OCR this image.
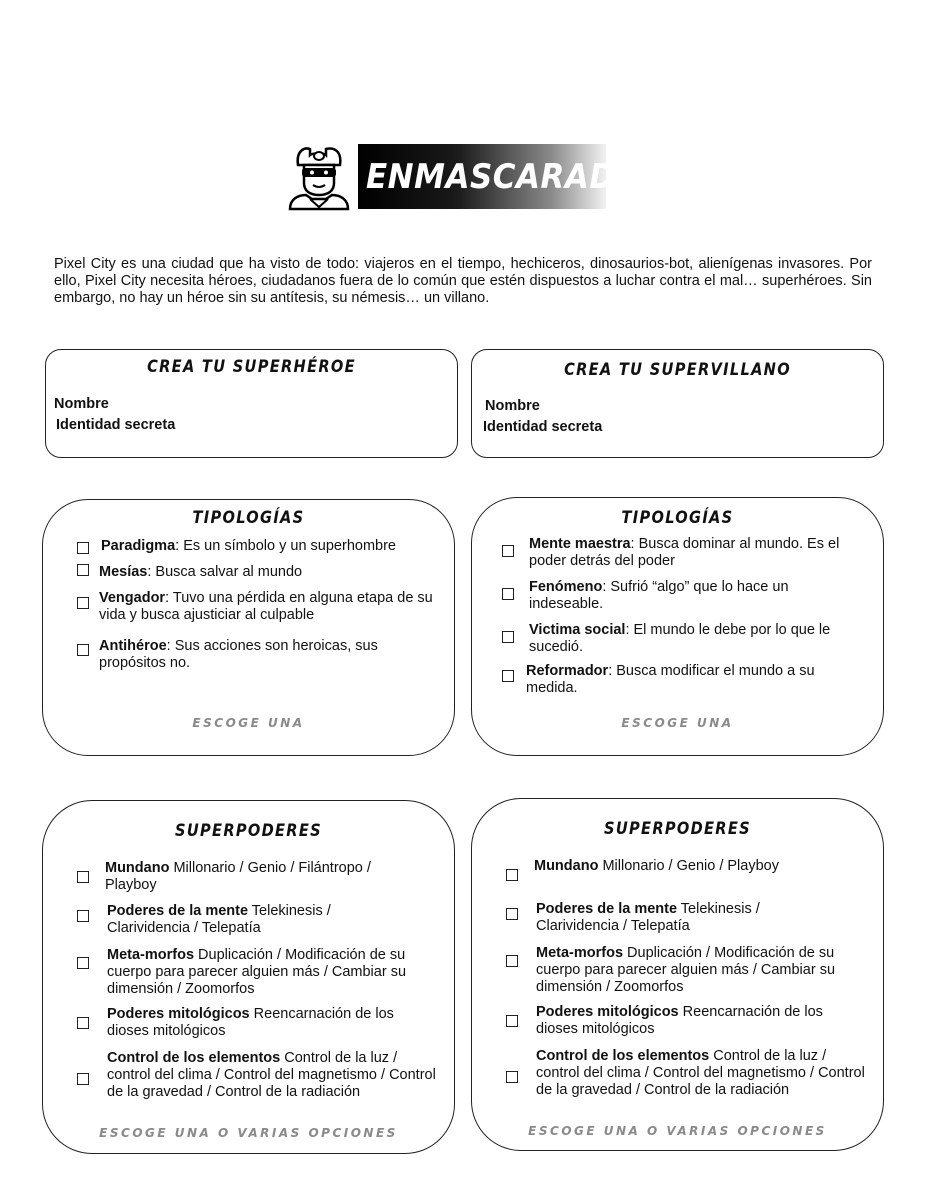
ENMASCARADOS
Pixel City es una ciudad que ha visto de todo: viajeros en el tiempo, hechiceros, dinosaurios-bot, alienígenas invasores. Por ello, Pixel City necesita héroes, ciudadanos fuera de lo común que estén dispuestos a luchar contra el mal… superhéroes. Sin embargo, no hay un héroe sin su antítesis, su némesis… un villano.
CREA TU SUPERHÉROE
Nombre
Identidad secreta
CREA TU SUPERVILLANO
Nombre
Identidad secreta
TIPOLOGÍAS
Paradigma: Es un símbolo y un superhombre
Mesías: Busca salvar al mundo
Vengador: Tuvo una pérdida en alguna etapa de su vida y busca ajusticiar al culpable
Antihéroe: Sus acciones son heroicas, sus propósitos no.
ESCOGE UNA
TIPOLOGÍAS
Mente maestra: Busca dominar al mundo. Es el poder detrás del poder
Fenómeno: Sufrió “algo” que lo hace un indeseable.
Victima social: El mundo le debe por lo que le sucedió.
Reformador: Busca modificar el mundo a su medida.
ESCOGE UNA
SUPERPODERES
Mundano Millonario / Genio / Filántropo / Playboy
Poderes de la mente Telekinesis / Clarividencia / Telepatía
Meta-morfos Duplicación / Modificación de su cuerpo para parecer alguien más / Cambiar su dimensión / Zoomorfos
Poderes mitológicos Reencarnación de los dioses mitológicos
Control de los elementos Control de la luz / control del clima / Control del magnetismo / Control de la gravedad / Control de la radiación
ESCOGE UNA O VARIAS OPCIONES
SUPERPODERES
Mundano Millonario / Genio / Playboy
Poderes de la mente Telekinesis / Clarividencia / Telepatía
Meta-morfos Duplicación / Modificación de su cuerpo para parecer alguien más / Cambiar su dimensión / Zoomorfos
Poderes mitológicos Reencarnación de los dioses mitológicos
Control de los elementos Control de la luz / control del clima / Control del magnetismo / Control de la gravedad / Control de la radiación
ESCOGE UNA O VARIAS OPCIONES
